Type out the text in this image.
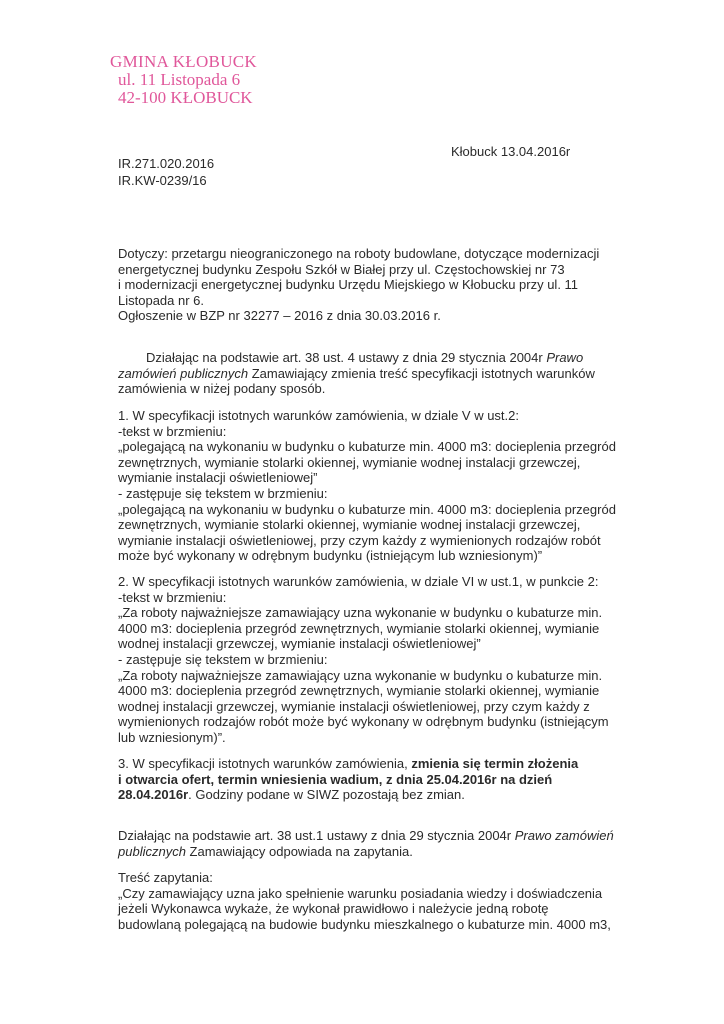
GMINA KŁOBUCK
ul. 11 Listopada 6
42-100 KŁOBUCK
Kłobuck 13.04.2016r
IR.271.020.2016
IR.KW-0239/16
Dotyczy: przetargu nieograniczonego na roboty budowlane, dotyczące modernizacji
energetycznej budynku Zespołu Szkół w Białej przy ul. Częstochowskiej nr 73
i modernizacji energetycznej budynku Urzędu Miejskiego w Kłobucku przy ul. 11
Listopada nr 6.
Ogłoszenie w BZP nr 32277 – 2016 z dnia 30.03.2016 r.
Działając na podstawie art. 38 ust. 4 ustawy z dnia 29 stycznia 2004r Prawo
zamówień publicznych Zamawiający zmienia treść specyfikacji istotnych warunków
zamówienia w niżej podany sposób.
1. W specyfikacji istotnych warunków zamówienia, w dziale V w ust.2:
-tekst w brzmieniu:
„polegającą na wykonaniu w budynku o kubaturze min. 4000 m3: docieplenia przegród
zewnętrznych, wymianie stolarki okiennej, wymianie wodnej instalacji grzewczej,
wymianie instalacji oświetleniowej”
- zastępuje się tekstem w brzmieniu:
„polegającą na wykonaniu w budynku o kubaturze min. 4000 m3: docieplenia przegród
zewnętrznych, wymianie stolarki okiennej, wymianie wodnej instalacji grzewczej,
wymianie instalacji oświetleniowej, przy czym każdy z wymienionych rodzajów robót
może być wykonany w odrębnym budynku (istniejącym lub wzniesionym)”
2. W specyfikacji istotnych warunków zamówienia, w dziale VI w ust.1, w punkcie 2:
-tekst w brzmieniu:
„Za roboty najważniejsze zamawiający uzna wykonanie w budynku o kubaturze min.
4000 m3: docieplenia przegród zewnętrznych, wymianie stolarki okiennej, wymianie
wodnej instalacji grzewczej, wymianie instalacji oświetleniowej”
- zastępuje się tekstem w brzmieniu:
„Za roboty najważniejsze zamawiający uzna wykonanie w budynku o kubaturze min.
4000 m3: docieplenia przegród zewnętrznych, wymianie stolarki okiennej, wymianie
wodnej instalacji grzewczej, wymianie instalacji oświetleniowej, przy czym każdy z
wymienionych rodzajów robót może być wykonany w odrębnym budynku (istniejącym
lub wzniesionym)”.
3. W specyfikacji istotnych warunków zamówienia, zmienia się termin złożenia
i otwarcia ofert, termin wniesienia wadium, z dnia 25.04.2016r na dzień
28.04.2016r. Godziny podane w SIWZ pozostają bez zmian.
Działając na podstawie art. 38 ust.1 ustawy z dnia 29 stycznia 2004r Prawo zamówień
publicznych Zamawiający odpowiada na zapytania.
Treść zapytania:
„Czy zamawiający uzna jako spełnienie warunku posiadania wiedzy i doświadczenia
jeżeli Wykonawca wykaże, że wykonał prawidłowo i należycie jedną robotę
budowlaną polegającą na budowie budynku mieszkalnego o kubaturze min. 4000 m3,
